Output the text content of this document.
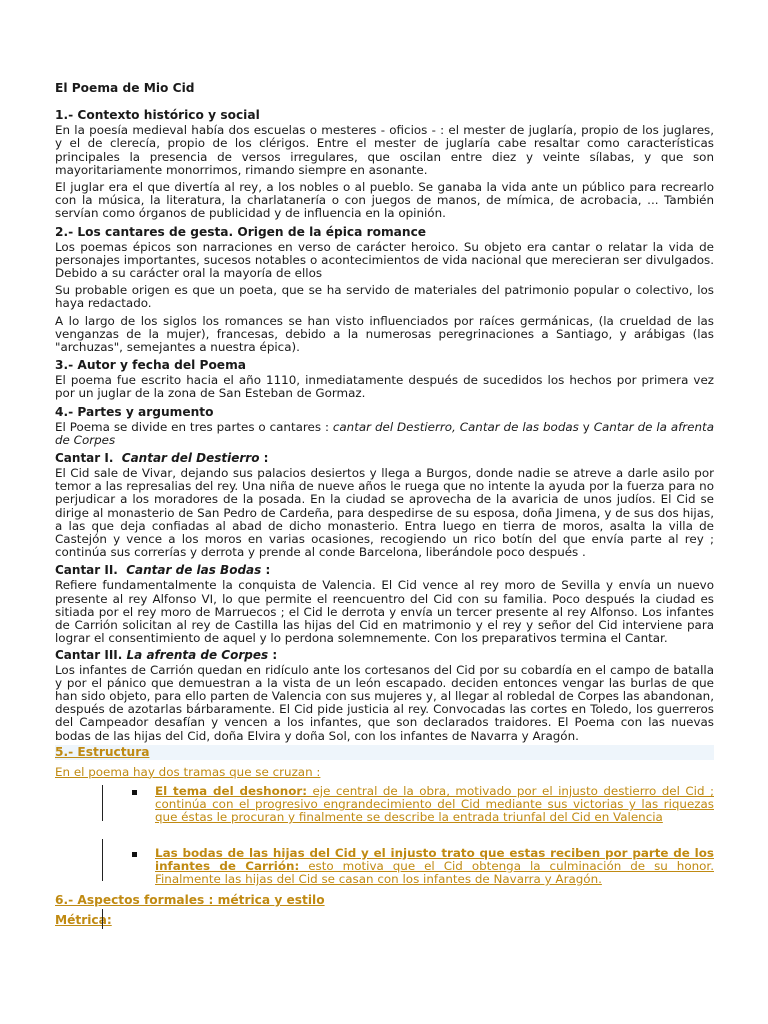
El Poema de Mio Cid
1.- Contexto histórico y social
En la poesía medieval había dos escuelas o mesteres - oficios - : el mester de juglaría, propio de los juglares, y el de clerecía, propio de los clérigos. Entre el mester de juglaría cabe resaltar como características principales la presencia de versos irregulares, que oscilan entre diez y veinte sílabas, y que son mayoritariamente monorrimos, rimando siempre en asonante.
El juglar era el que divertía al rey, a los nobles o al pueblo. Se ganaba la vida ante un público para recrearlo con la música, la literatura, la charlatanería o con juegos de manos, de mímica, de acrobacia, ... También servían como órganos de publicidad y de influencia en la opinión.
2.- Los cantares de gesta. Origen de la épica romance
Los poemas épicos son narraciones en verso de carácter heroico. Su objeto era cantar o relatar la vida de personajes importantes, sucesos notables o acontecimientos de vida nacional que merecieran ser divulgados. Debido a su carácter oral la mayoría de ellos
Su probable origen es que un poeta, que se ha servido de materiales del patrimonio popular o colectivo, los haya redactado.
A lo largo de los siglos los romances se han visto influenciados por raíces germánicas, (la crueldad de las venganzas de la mujer), francesas, debido a la numerosas peregrinaciones a Santiago, y arábigas (las "archuzas", semejantes a nuestra épica).
3.- Autor y fecha del Poema
El poema fue escrito hacia el año 1110, inmediatamente después de sucedidos los hechos por primera vez por un juglar de la zona de San Esteban de Gormaz.
4.- Partes y argumento
El Poema se divide en tres partes o cantares : cantar del Destierro, Cantar de las bodas y Cantar de la afrenta de Corpes
Cantar I. Cantar del Destierro :
El Cid sale de Vivar, dejando sus palacios desiertos y llega a Burgos, donde nadie se atreve a darle asilo por temor a las represalias del rey. Una niña de nueve años le ruega que no intente la ayuda por la fuerza para no perjudicar a los moradores de la posada. En la ciudad se aprovecha de la avaricia de unos judíos. El Cid se dirige al monasterio de San Pedro de Cardeña, para despedirse de su esposa, doña Jimena, y de sus dos hijas, a las que deja confiadas al abad de dicho monasterio. Entra luego en tierra de moros, asalta la villa de Castejón y vence a los moros en varias ocasiones, recogiendo un rico botín del que envía parte al rey ; continúa sus correrías y derrota y prende al conde Barcelona, liberándole poco después .
Cantar II. Cantar de las Bodas :
Refiere fundamentalmente la conquista de Valencia. El Cid vence al rey moro de Sevilla y envía un nuevo presente al rey Alfonso VI, lo que permite el reencuentro del Cid con su familia. Poco después la ciudad es sitiada por el rey moro de Marruecos ; el Cid le derrota y envía un tercer presente al rey Alfonso. Los infantes de Carrión solicitan al rey de Castilla las hijas del Cid en matrimonio y el rey y señor del Cid interviene para lograr el consentimiento de aquel y lo perdona solemnemente. Con los preparativos termina el Cantar.
Cantar III. La afrenta de Corpes :
Los infantes de Carrión quedan en ridículo ante los cortesanos del Cid por su cobardía en el campo de batalla y por el pánico que demuestran a la vista de un león escapado. deciden entonces vengar las burlas de que han sido objeto, para ello parten de Valencia con sus mujeres y, al llegar al robledal de Corpes las abandonan, después de azotarlas bárbaramente. El Cid pide justicia al rey. Convocadas las cortes en Toledo, los guerreros del Campeador desafían y vencen a los infantes, que son declarados traidores. El Poema con las nuevas bodas de las hijas del Cid, doña Elvira y doña Sol, con los infantes de Navarra y Aragón.
5.- Estructura
En el poema hay dos tramas que se cruzan :
El tema del deshonor: eje central de la obra, motivado por el injusto destierro del Cid ; continúa con el progresivo engrandecimiento del Cid mediante sus victorias y las riquezas que éstas le procuran y finalmente se describe la entrada triunfal del Cid en Valencia
Las bodas de las hijas del Cid y el injusto trato que estas reciben por parte de los infantes de Carrión: esto motiva que el Cid obtenga la culminación de su honor. Finalmente las hijas del Cid se casan con los infantes de Navarra y Aragón.
6.- Aspectos formales : métrica y estilo
Métrica:
